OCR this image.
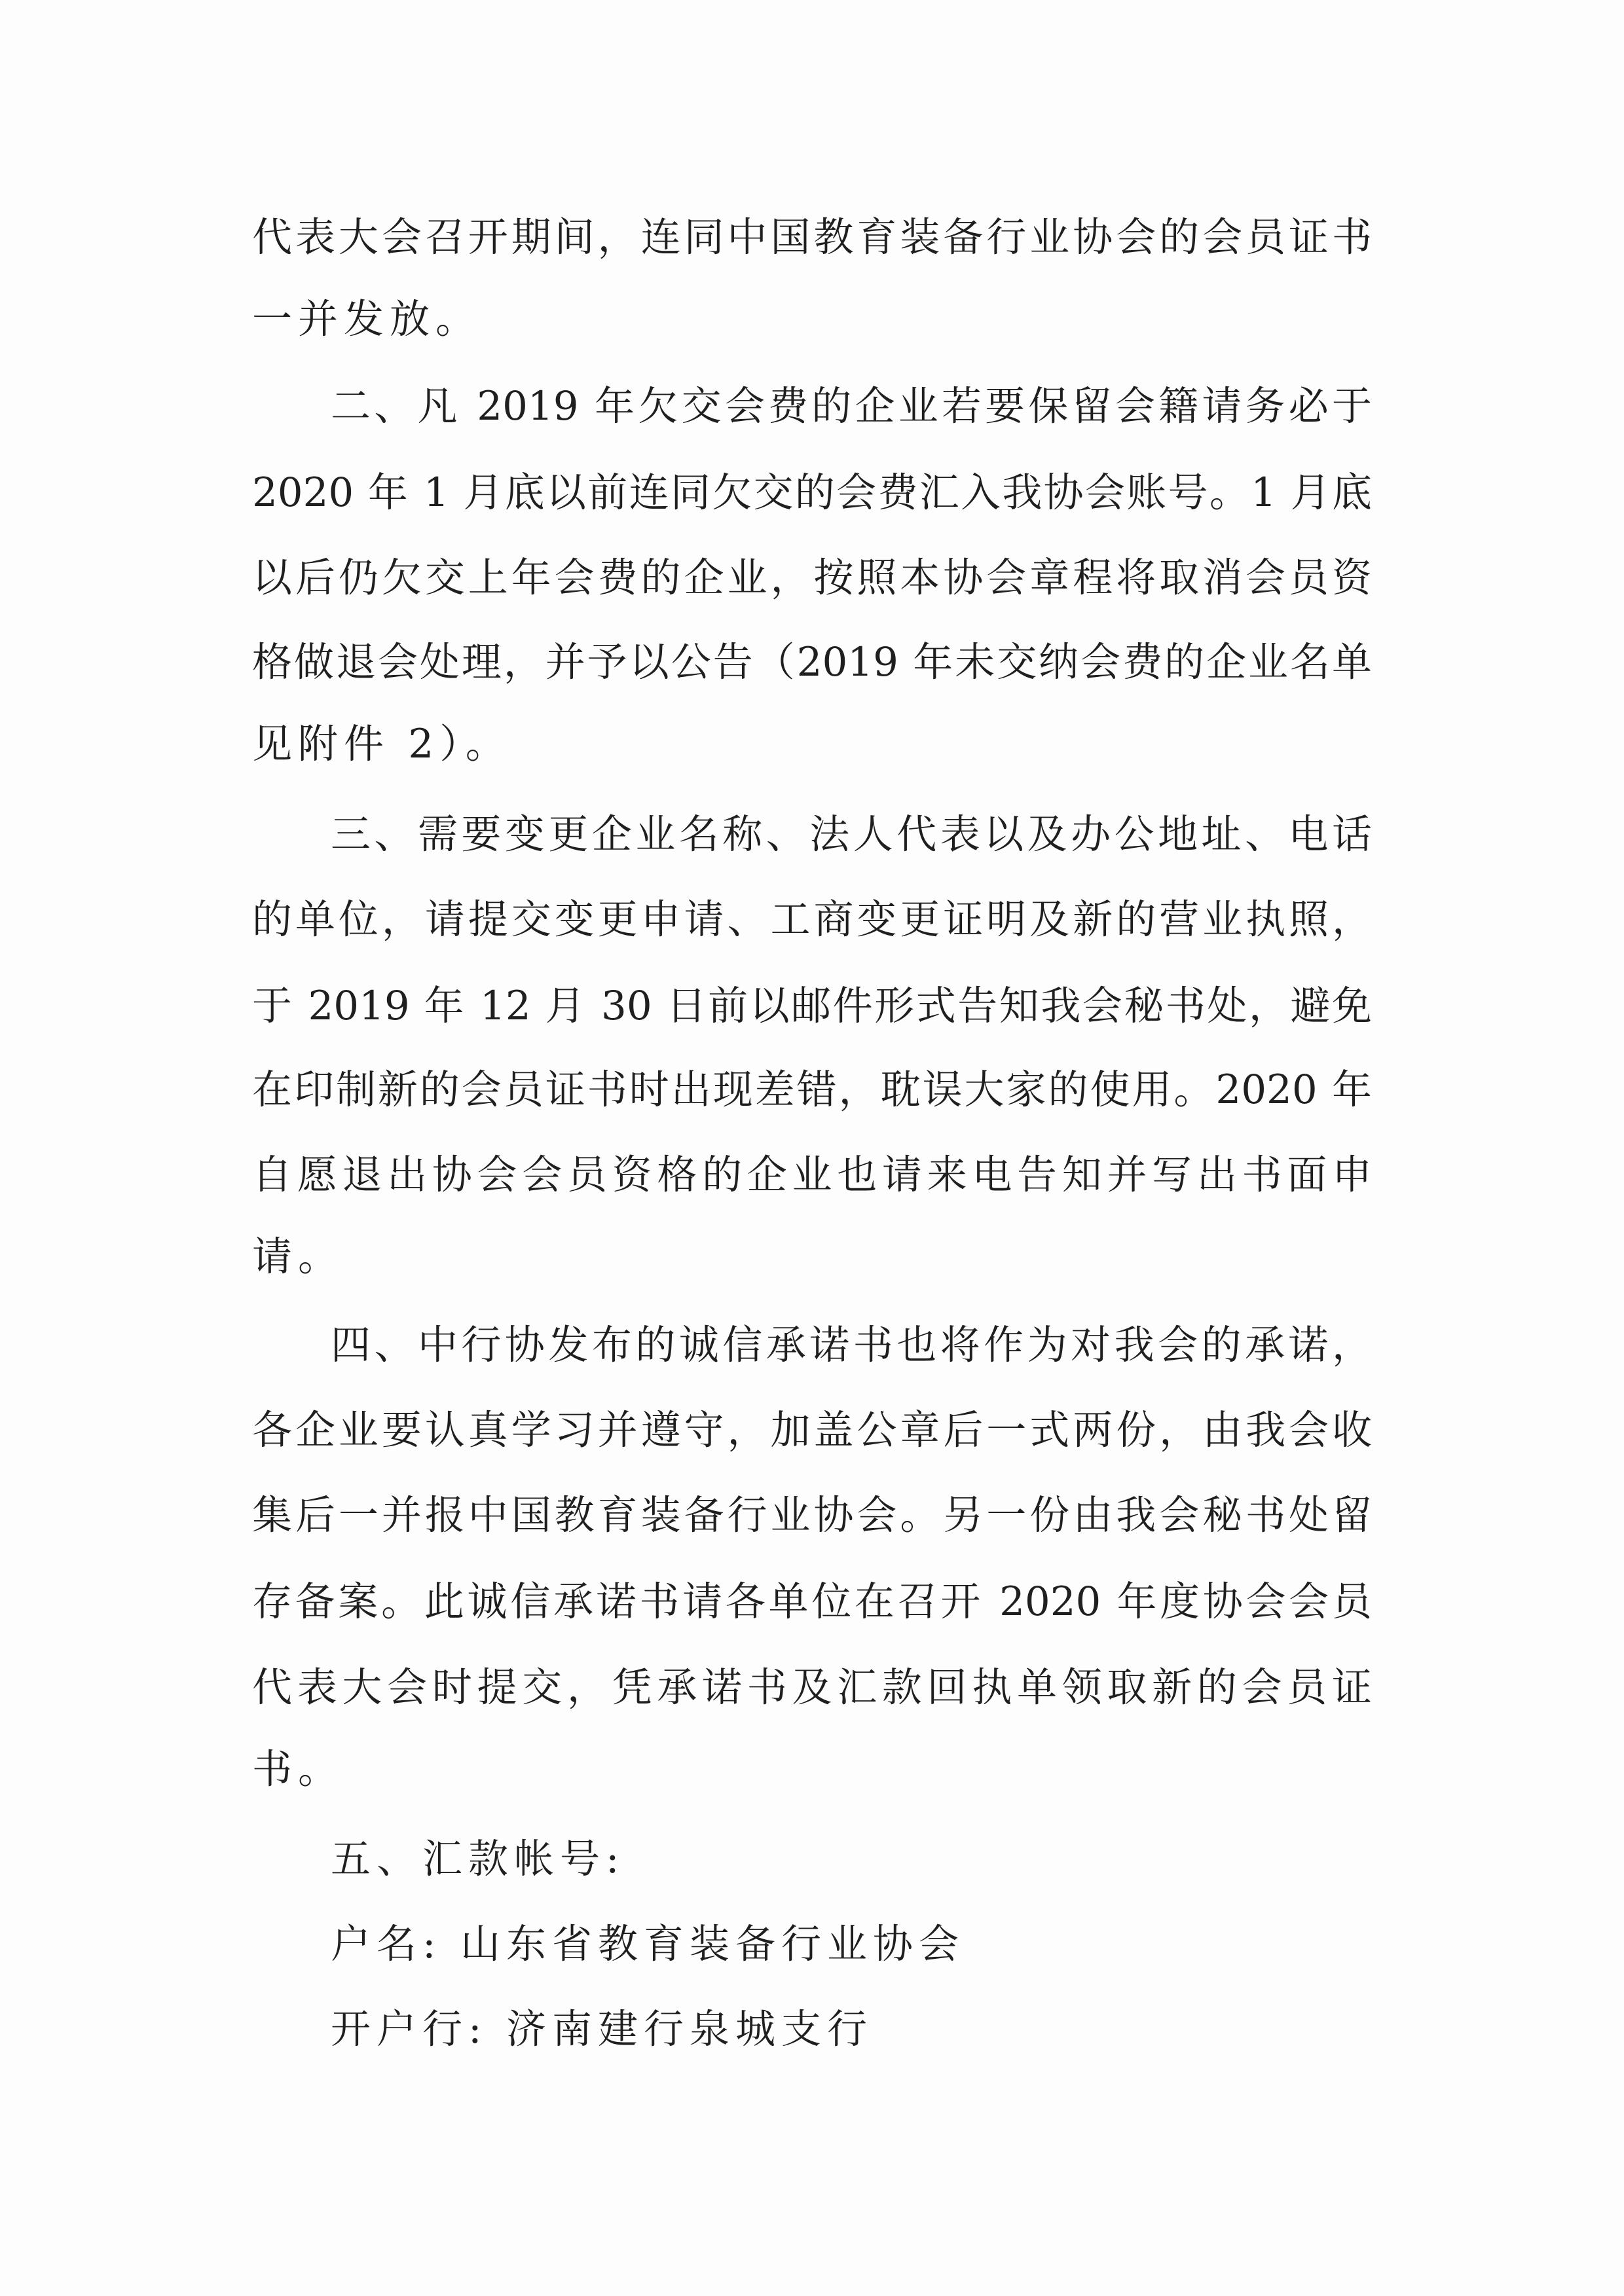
代表大会召开期间，连同中国教育装备行业协会的会员证书
一并发放。
二、凡 2019 年欠交会费的企业若要保留会籍请务必于
2020 年 1 月底以前连同欠交的会费汇入我协会账号。1 月底
以后仍欠交上年会费的企业，按照本协会章程将取消会员资
格做退会处理，并予以公告（2019 年未交纳会费的企业名单
见附件 2）。
三、需要变更企业名称、法人代表以及办公地址、电话
的单位，请提交变更申请、工商变更证明及新的营业执照，
于 2019 年 12 月 30 日前以邮件形式告知我会秘书处，避免
在印制新的会员证书时出现差错，耽误大家的使用。2020 年
自愿退出协会会员资格的企业也请来电告知并写出书面申
请。
四、中行协发布的诚信承诺书也将作为对我会的承诺，
各企业要认真学习并遵守，加盖公章后一式两份，由我会收
集后一并报中国教育装备行业协会。另一份由我会秘书处留
存备案。此诚信承诺书请各单位在召开 2020 年度协会会员
代表大会时提交，凭承诺书及汇款回执单领取新的会员证
书。
五、汇款帐号:
户名: 山东省教育装备行业协会
开户行: 济南建行泉城支行
